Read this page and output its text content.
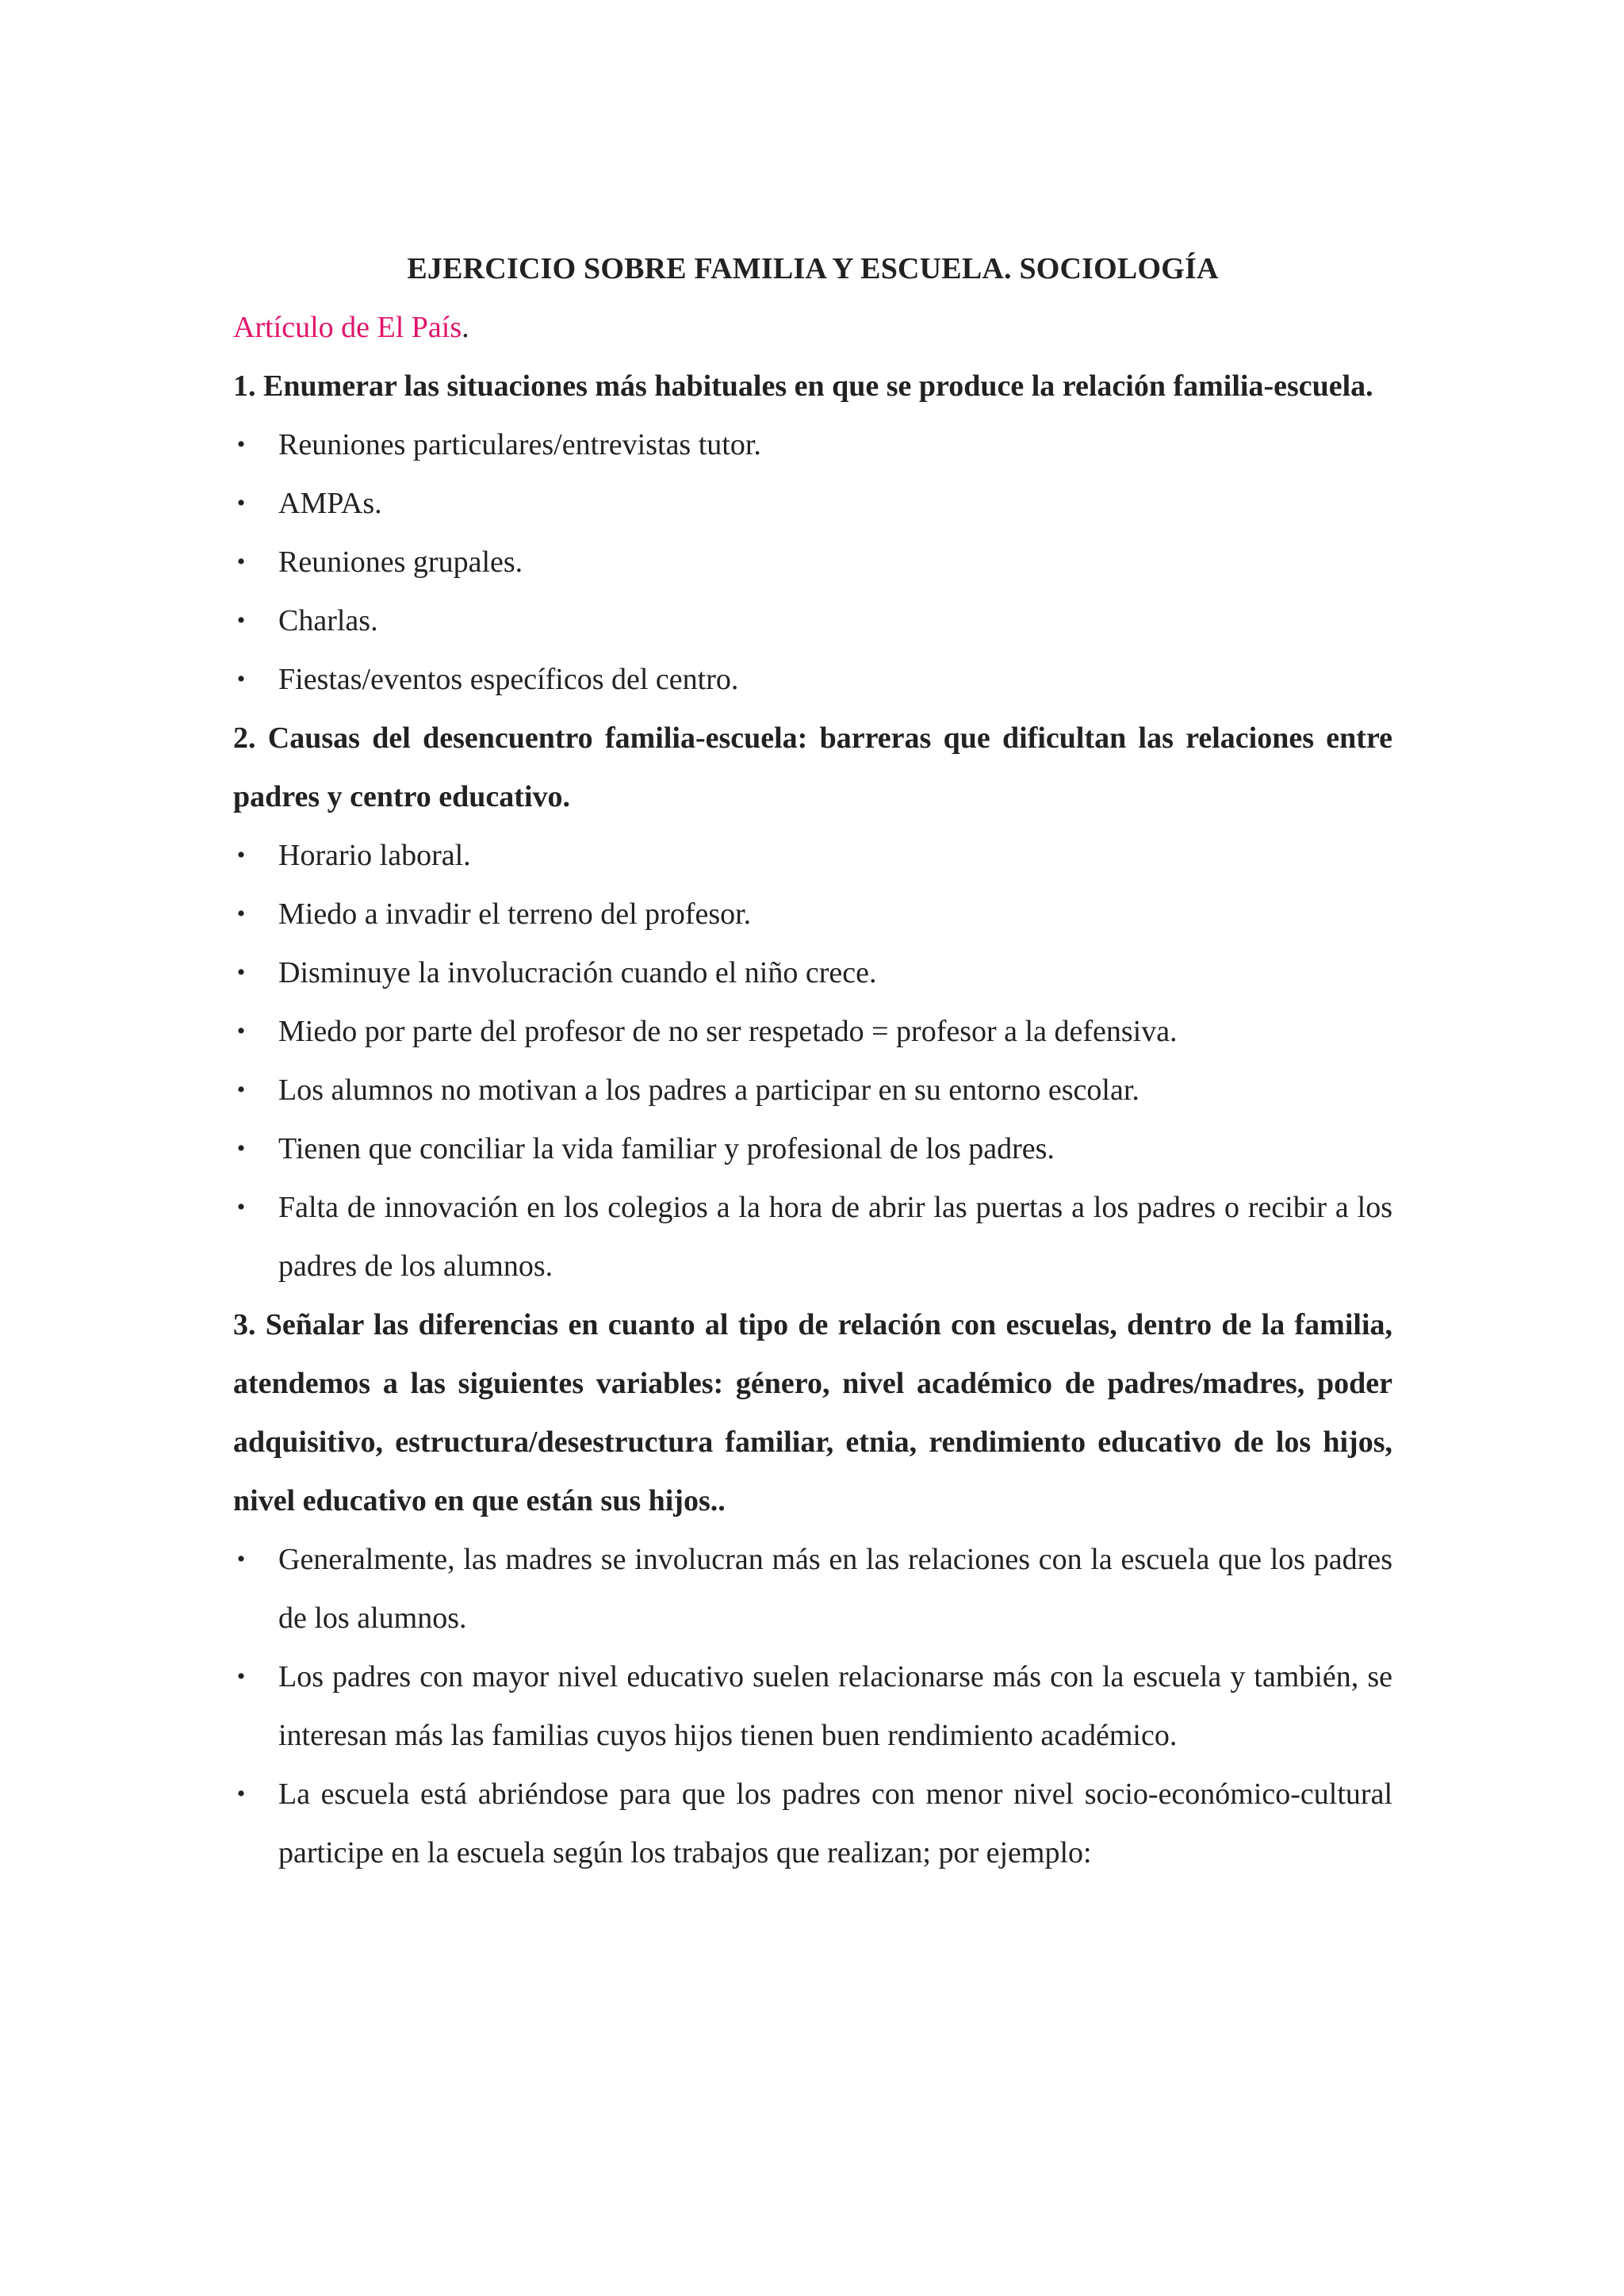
EJERCICIO SOBRE FAMILIA Y ESCUELA. SOCIOLOGÍA

Artículo de El País.

1. Enumerar las situaciones más habituales en que se produce la relación familia-escuela.

• Reuniones particulares/entrevistas tutor.
• AMPAs.
• Reuniones grupales.
• Charlas.
• Fiestas/eventos específicos del centro.

2. Causas del desencuentro familia-escuela: barreras que dificultan las relaciones entre padres y centro educativo.

• Horario laboral.
• Miedo a invadir el terreno del profesor.
• Disminuye la involucración cuando el niño crece.
• Miedo por parte del profesor de no ser respetado = profesor a la defensiva.
• Los alumnos no motivan a los padres a participar en su entorno escolar.
• Tienen que conciliar la vida familiar y profesional de los padres.
• Falta de innovación en los colegios a la hora de abrir las puertas a los padres o recibir a los padres de los alumnos.

3. Señalar las diferencias en cuanto al tipo de relación con escuelas, dentro de la familia, atendemos a las siguientes variables: género, nivel académico de padres/madres, poder adquisitivo, estructura/desestructura familiar, etnia, rendimiento educativo de los hijos, nivel educativo en que están sus hijos..

• Generalmente, las madres se involucran más en las relaciones con la escuela que los padres de los alumnos.
• Los padres con mayor nivel educativo suelen relacionarse más con la escuela y también, se interesan más las familias cuyos hijos tienen buen rendimiento académico.
• La escuela está abriéndose para que los padres con menor nivel socio-económico-cultural participe en la escuela según los trabajos que realizan; por ejemplo:
